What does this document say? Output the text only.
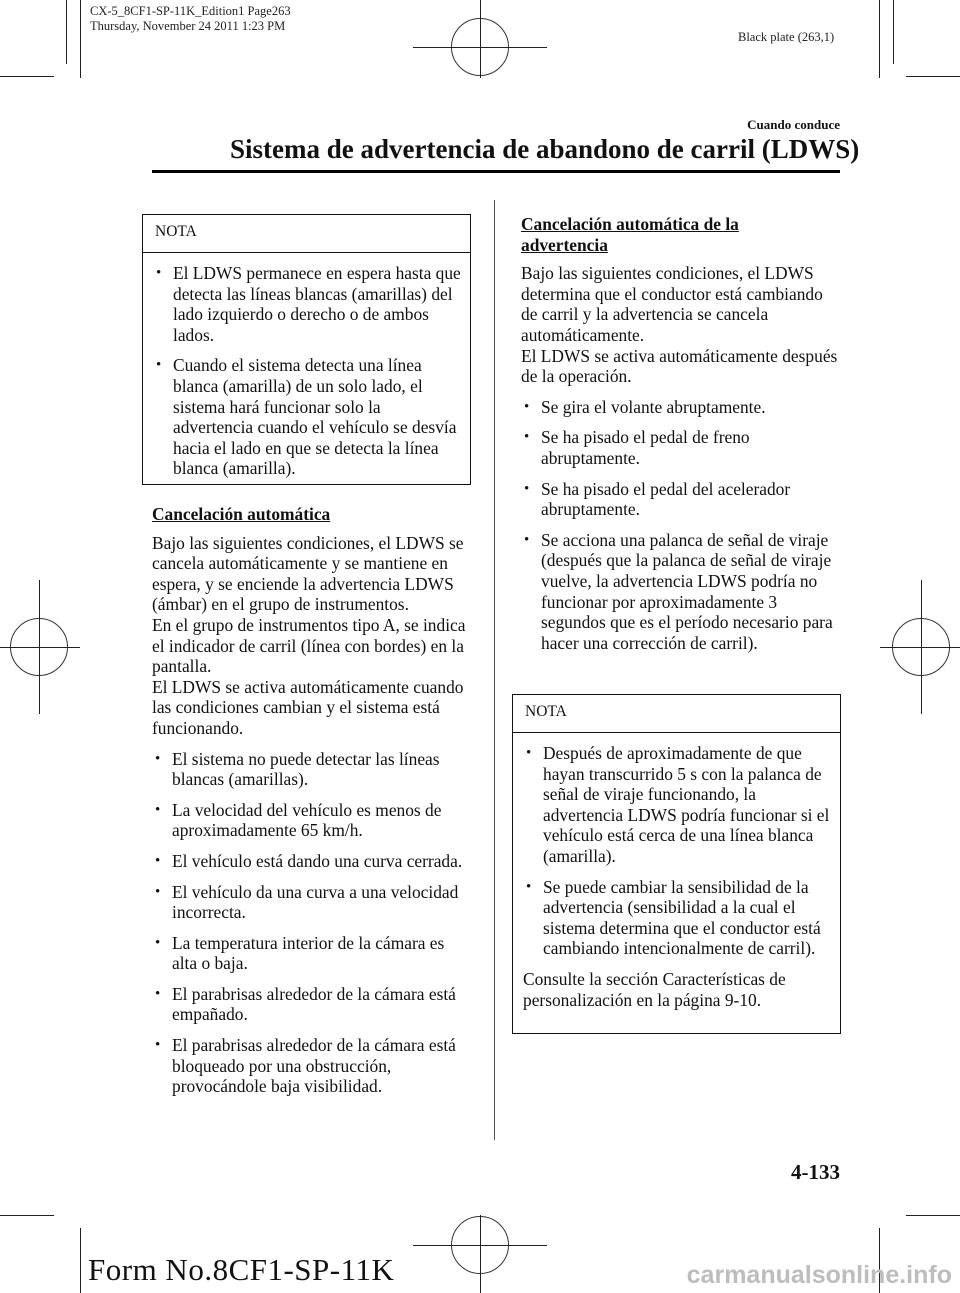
CX-5_8CF1-SP-11K_Edition1 Page263
Thursday, November 24 2011 1:23 PM
Black plate (263,1)
Cuando conduce
Sistema de advertencia de abandono de carril (LDWS)
NOTA
• El LDWS permanece en espera hasta que detecta las líneas blancas (amarillas) del lado izquierdo o derecho o de ambos lados.
• Cuando el sistema detecta una línea blanca (amarilla) de un solo lado, el sistema hará funcionar solo la advertencia cuando el vehículo se desvía hacia el lado en que se detecta la línea blanca (amarilla).
Cancelación automática

Bajo las siguientes condiciones, el LDWS se cancela automáticamente y se mantiene en espera, y se enciende la advertencia LDWS (ámbar) en el grupo de instrumentos.

En el grupo de instrumentos tipo A, se indica el indicador de carril (línea con bordes) en la pantalla.

El LDWS se activa automáticamente cuando las condiciones cambian y el sistema está funcionando.

• El sistema no puede detectar las líneas blancas (amarillas).
• La velocidad del vehículo es menos de aproximadamente 65 km/h.
• El vehículo está dando una curva cerrada.
• El vehículo da una curva a una velocidad incorrecta.
• La temperatura interior de la cámara es alta o baja.
• El parabrisas alrededor de la cámara está empañado.
• El parabrisas alrededor de la cámara está bloqueado por una obstrucción, provocándole baja visibilidad.
Cancelación automática de la advertencia

Bajo las siguientes condiciones, el LDWS determina que el conductor está cambiando de carril y la advertencia se cancela automáticamente.

El LDWS se activa automáticamente después de la operación.

• Se gira el volante abruptamente.
• Se ha pisado el pedal de freno abruptamente.
• Se ha pisado el pedal del acelerador abruptamente.
• Se acciona una palanca de señal de viraje (después que la palanca de señal de viraje vuelve, la advertencia LDWS podría no funcionar por aproximadamente 3 segundos que es el período necesario para hacer una corrección de carril).
NOTA
• Después de aproximadamente de que hayan transcurrido 5 s con la palanca de señal de viraje funcionando, la advertencia LDWS podría funcionar si el vehículo está cerca de una línea blanca (amarilla).
• Se puede cambiar la sensibilidad de la advertencia (sensibilidad a la cual el sistema determina que el conductor está cambiando intencionalmente de carril).

Consulte la sección Características de personalización en la página 9-10.

4-133
Form No.8CF1-SP-11K	carmanualsonline.info
